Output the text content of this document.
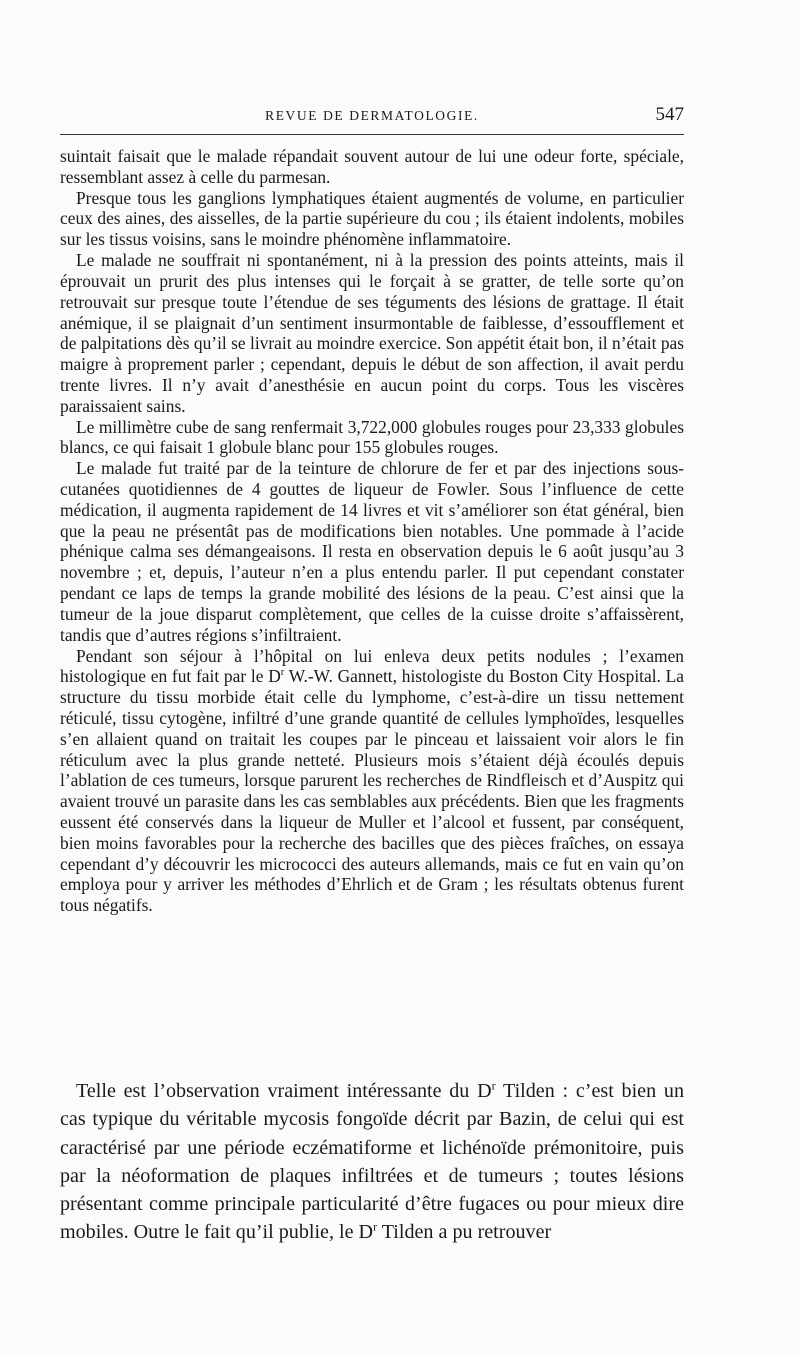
REVUE DE DERMATOLOGIE.	547

suintait faisait que le malade répandait souvent autour de lui une odeur forte, spéciale, ressemblant assez à celle du parmesan.

Presque tous les ganglions lymphatiques étaient augmentés de volume, en particulier ceux des aines, des aisselles, de la partie supérieure du cou ; ils étaient indolents, mobiles sur les tissus voisins, sans le moindre phénomène inflammatoire.

Le malade ne souffrait ni spontanément, ni à la pression des points atteints, mais il éprouvait un prurit des plus intenses qui le forçait à se gratter, de telle sorte qu’on retrouvait sur presque toute l’étendue de ses téguments des lésions de grattage. Il était anémique, il se plaignait d’un sentiment insurmontable de faiblesse, d’essoufflement et de palpitations dès qu’il se livrait au moindre exercice. Son appétit était bon, il n’était pas maigre à proprement parler ; cependant, depuis le début de son affection, il avait perdu trente livres. Il n’y avait d’anesthésie en aucun point du corps. Tous les viscères paraissaient sains.

Le millimètre cube de sang renfermait 3,722,000 globules rouges pour 23,333 globules blancs, ce qui faisait 1 globule blanc pour 155 globules rouges.

Le malade fut traité par de la teinture de chlorure de fer et par des injections sous-cutanées quotidiennes de 4 gouttes de liqueur de Fowler. Sous l’influence de cette médication, il augmenta rapidement de 14 livres et vit s’améliorer son état général, bien que la peau ne présentât pas de modifications bien notables. Une pommade à l’acide phénique calma ses démangeaisons. Il resta en observation depuis le 6 août jusqu’au 3 novembre ; et, depuis, l’auteur n’en a plus entendu parler. Il put cependant constater pendant ce laps de temps la grande mobilité des lésions de la peau. C’est ainsi que la tumeur de la joue disparut complètement, que celles de la cuisse droite s’affaissèrent, tandis que d’autres régions s’infiltraient.

Pendant son séjour à l’hôpital on lui enleva deux petits nodules ; l’examen histologique en fut fait par le $D^r$ W.-W. Gannett, histologiste du Boston City Hospital. La structure du tissu morbide était celle du lymphome, c’est-à-dire un tissu nettement réticulé, tissu cytogène, infiltré d’une grande quantité de cellules lymphoïdes, lesquelles s’en allaient quand on traitait les coupes par le pinceau et laissaient voir alors le fin réticulum avec la plus grande netteté. Plusieurs mois s’étaient déjà écoulés depuis l’ablation de ces tumeurs, lorsque parurent les recherches de Rindfleisch et d’Auspitz qui avaient trouvé un parasite dans les cas semblables aux précédents. Bien que les fragments eussent été conservés dans la liqueur de Muller et l’alcool et fussent, par conséquent, bien moins favorables pour la recherche des bacilles que des pièces fraîches, on essaya cependant d’y découvrir les micrococci des auteurs allemands, mais ce fut en vain qu’on employa pour y arriver les méthodes d’Ehrlich et de Gram ; les résultats obtenus furent tous négatifs.

Telle est l’observation vraiment intéressante du $D^r$ Tilden : c’est bien un cas typique du véritable mycosis fongoïde décrit par Bazin, de celui qui est caractérisé par une période eczématiforme et lichénoïde prémonitoire, puis par la néoformation de plaques infiltrées et de tumeurs ; toutes lésions présentant comme principale particularité d’être fugaces ou pour mieux dire mobiles. Outre le fait qu’il publie, le $D^r$ Tilden a pu retrouver
